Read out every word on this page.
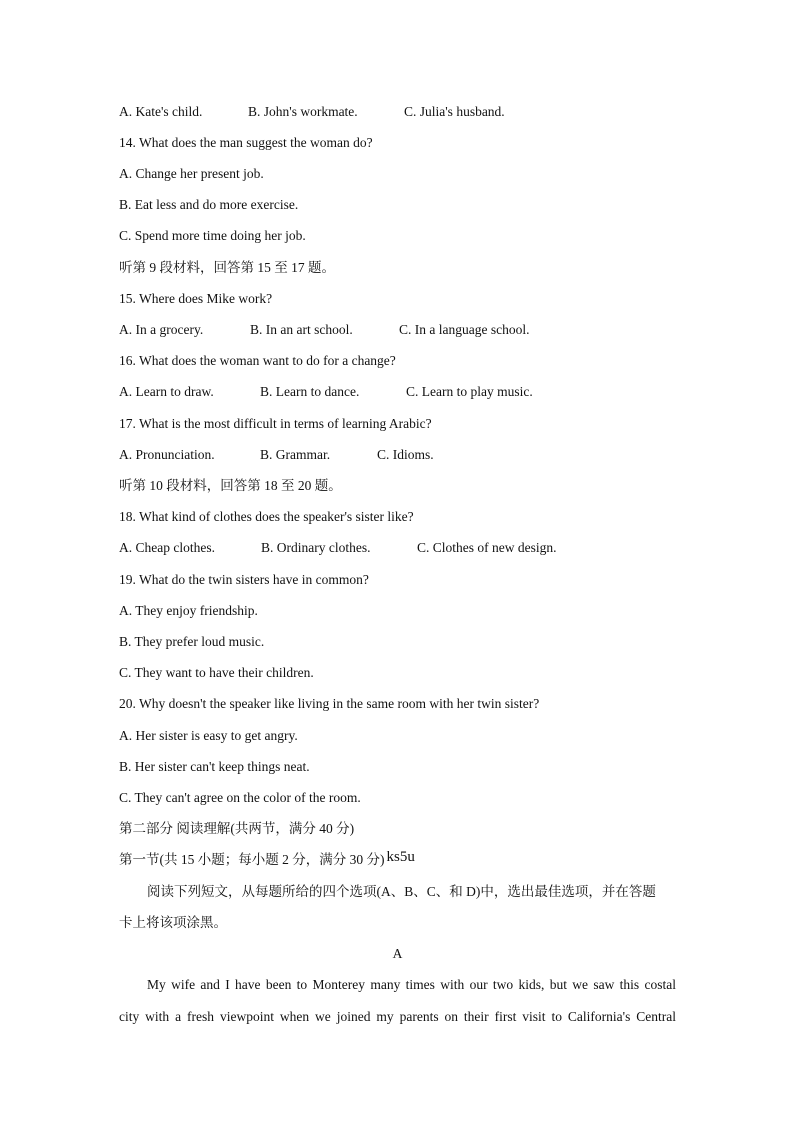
A. Kate's child.	B. John's workmate.	C. Julia's husband.
14. What does the man suggest the woman do?
A. Change her present job.
B. Eat less and do more exercise.
C. Spend more time doing her job.
听第 9 段材料，回答第 15 至 17 题。
15. Where does Mike work?
A. In a grocery.	B. In an art school.	C. In a language school.
16. What does the woman want to do for a change?
A. Learn to draw.	B. Learn to dance.	C. Learn to play music.
17. What is the most difficult in terms of learning Arabic?
A. Pronunciation.	B. Grammar.	C. Idioms.
听第 10 段材料，回答第 18 至 20 题。
18. What kind of clothes does the speaker's sister like?
A. Cheap clothes.	B. Ordinary clothes.	C. Clothes of new design.
19. What do the twin sisters have in common?
A. They enjoy friendship.
B. They prefer loud music.
C. They want to have their children.
20. Why doesn't the speaker like living in the same room with her twin sister?
A. Her sister is easy to get angry.
B. Her sister can't keep things neat.
C. They can't agree on the color of the room.
第二部分 阅读理解(共两节，满分 40 分)
第一节(共 15 小题；每小题 2 分，满分 30 分) ks5u
阅读下列短文，从每题所给的四个选项(A、B、C、和 D)中，选出最佳选项，并在答题
卡上将该项涂黑。
A
My wife and I have been to Monterey many times with our two kids, but we saw this costal
city with a fresh viewpoint when we joined my parents on their first visit to California's Central
